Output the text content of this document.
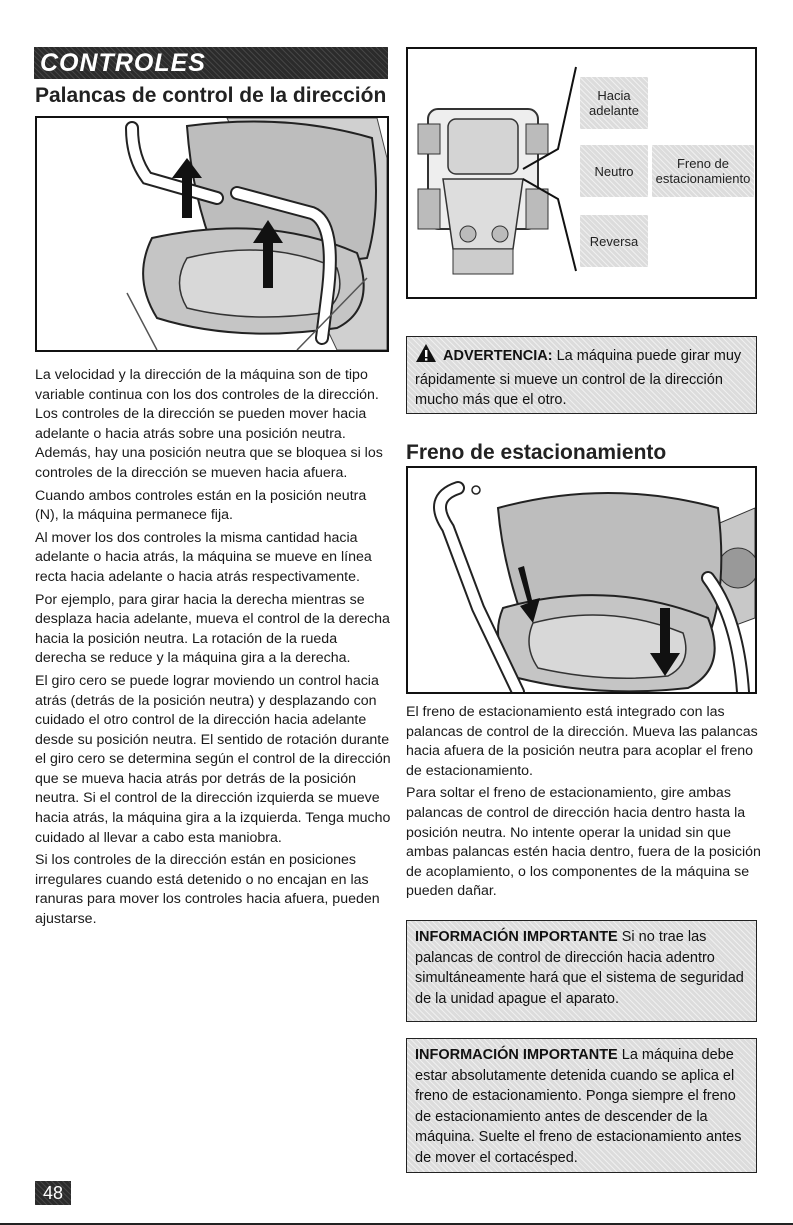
CONTROLES
Palancas de control de la dirección

La velocidad y la dirección de la máquina son de tipo variable continua con los dos controles de la dirección. Los controles de la dirección se pueden mover hacia adelante o hacia atrás sobre una posición neutra. Además, hay una posición neutra que se bloquea si los controles de la dirección se mueven hacia afuera.

Cuando ambos controles están en la posición neutra (N), la máquina permanece fija.

Al mover los dos controles la misma cantidad hacia adelante o hacia atrás, la máquina se mueve en línea recta hacia adelante o hacia atrás respectivamente.

Por ejemplo, para girar hacia la derecha mientras se desplaza hacia adelante, mueva el control de la derecha hacia la posición neutra. La rotación de la rueda derecha se reduce y la máquina gira a la derecha.

El giro cero se puede lograr moviendo un control hacia atrás (detrás de la posición neutra) y desplazando con cuidado el otro control de la dirección hacia adelante desde su posición neutra. El sentido de rotación durante el giro cero se determina según el control de la dirección que se mueva hacia atrás por detrás de la posición neutra. Si el control de la dirección izquierda se mueve hacia atrás, la máquina gira a la izquierda. Tenga mucho cuidado al llevar a cabo esta maniobra.

Si los controles de la dirección están en posiciones irregulares cuando está detenido o no encajan en las ranuras para mover los controles hacia afuera, pueden ajustarse.

Hacia adelante
Neutro	Freno de estacionamiento
Reversa
ADVERTENCIA: La máquina puede girar muy rápidamente si mueve un control de la dirección mucho más que el otro.
Freno de estacionamiento

El freno de estacionamiento está integrado con las palancas de control de la dirección. Mueva las palancas hacia afuera de la posición neutra para acoplar el freno de estacionamiento.

Para soltar el freno de estacionamiento, gire ambas palancas de control de dirección hacia dentro hasta la posición neutra. No intente operar la unidad sin que ambas palancas estén hacia dentro, fuera de la posición de acoplamiento, o los componentes de la máquina se pueden dañar.

INFORMACIÓN IMPORTANTE Si no trae las palancas de control de dirección hacia adentro simultáneamente hará que el sistema de seguridad de la unidad apague el aparato.
INFORMACIÓN IMPORTANTE La máquina debe estar absolutamente detenida cuando se aplica el freno de estacionamiento. Ponga siempre el freno de estacionamiento antes de descender de la máquina. Suelte el freno de estacionamiento antes de mover el cortacésped.
48
